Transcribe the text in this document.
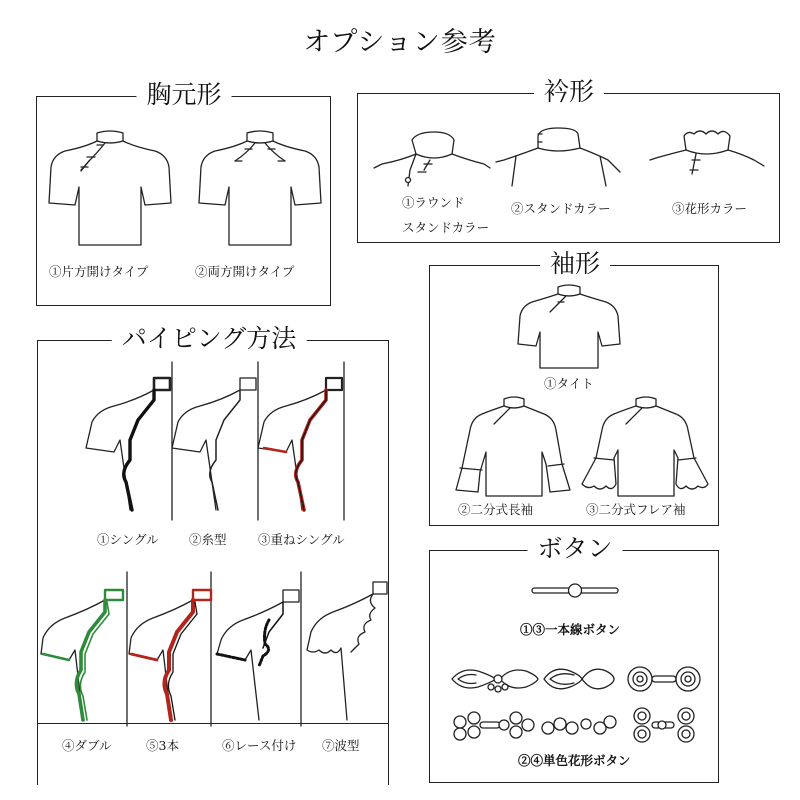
オプション参考
胸元形
①片方開けタイプ	②両方開けタイプ
衿形
①ラウンド
スタンドカラー
②スタンドカラー	③花形カラー
袖形
①タイト
②二分式長袖	③二分式フレア袖
パイピング方法
①シングル ②糸型	③重ねシングル
④ダブル	⑤3本	⑥レース付け ⑦波型
ボタン
①③一本線ボタン
②④単色花形ボタン
